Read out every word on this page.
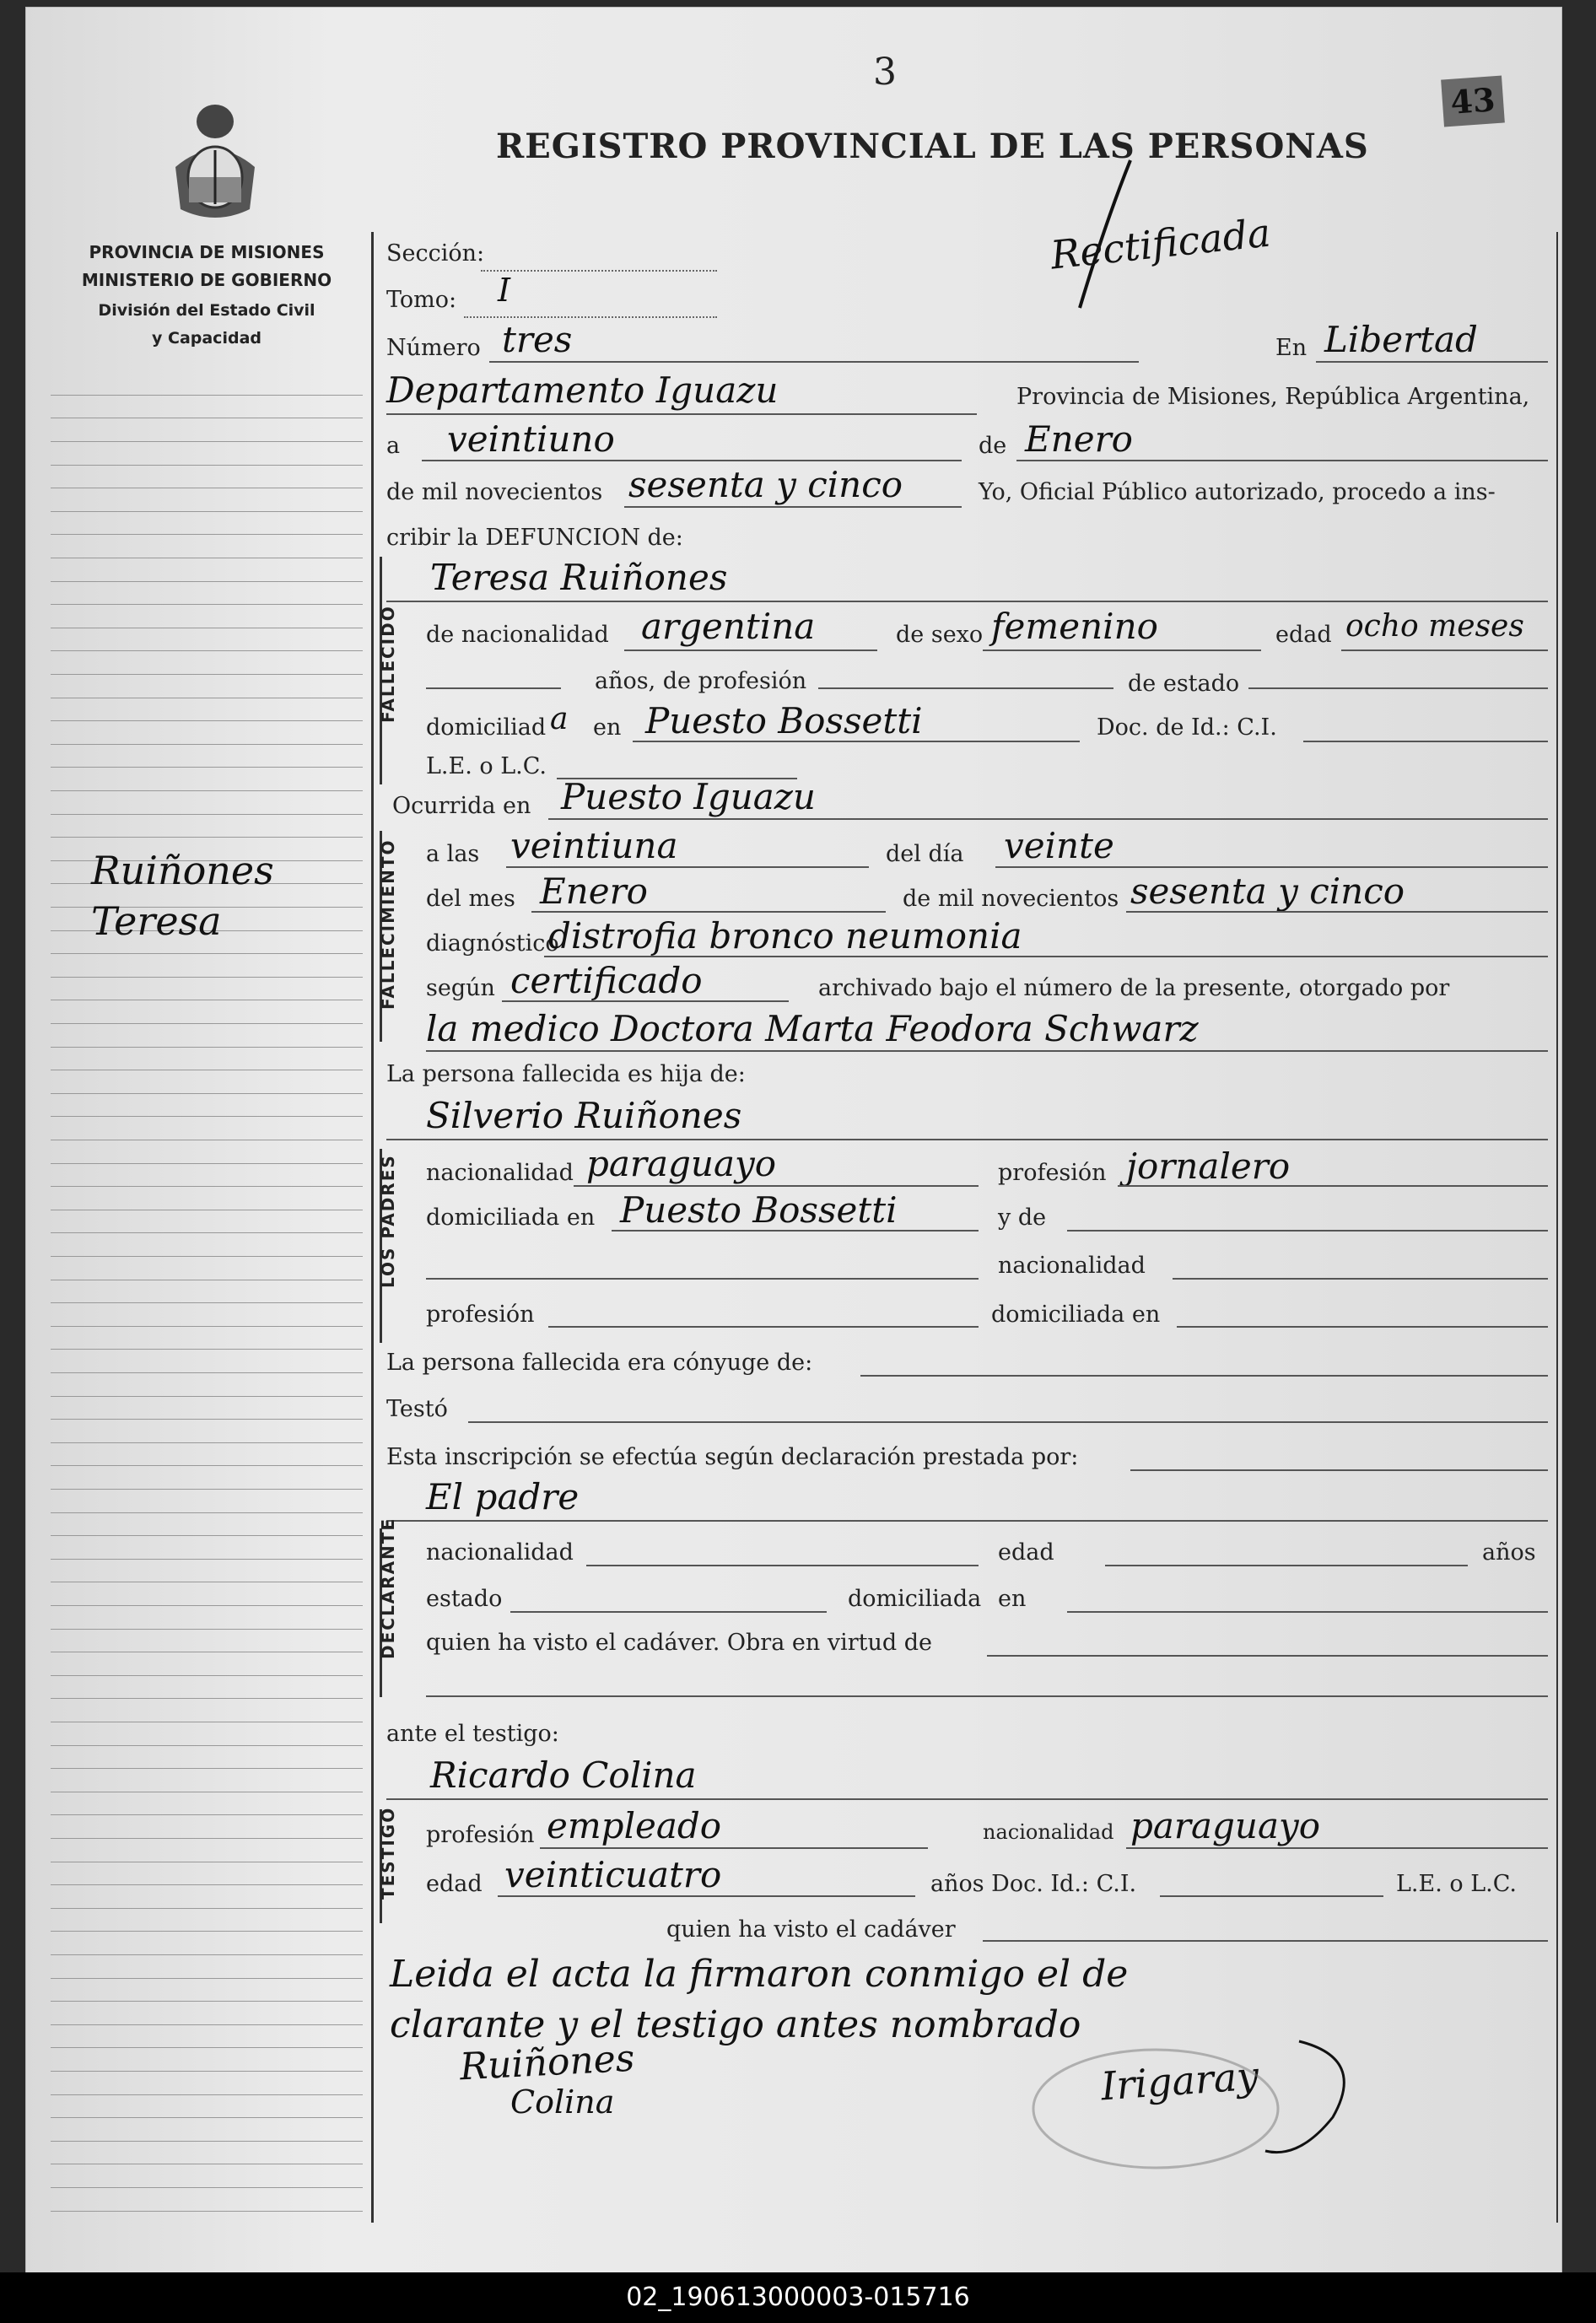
3
43
REGISTRO PROVINCIAL DE LAS PERSONAS
Rectificada
PROVINCIA DE MISIONES
MINISTERIO DE GOBIERNO
División del Estado Civil
y Capacidad
Ruiñones
Teresa
Sección:
Tomo: I
Número tres	En Libertad
Departamento Iguazu	Provincia de Misiones, República Argentina,
a veintiuno	de Enero
de mil novecientos sesenta y cinco	Yo, Oficial Público autorizado, procedo a ins-
cribir la DEFUNCION de:
Teresa Ruiñones
FALLECIDO de nacionalidad argentina	de sexo femenino	edad ocho meses
años, de profesión	de estado
domiciliad a en Puesto Bossetti	Doc. de Id.: C.I.
L.E. o L.C.
Ocurrida en Puesto Iguazu
FALLECIMIENTO a las veintiuna	del día veinte
del mes Enero	de mil novecientos sesenta y cinco
diagnóstico
distrofia bronco neumonia
según certificado	archivado bajo el número de la presente, otorgado por
la medico Doctora Marta Feodora Schwarz
La persona fallecida es hija de:
Silverio Ruiñones
LOS PADRES nacionalidad paraguayo	profesión jornalero
domiciliada en Puesto Bossetti	y de
nacionalidad
profesión	domiciliada en
La persona fallecida era cónyuge de:
Testó
Esta inscripción se efectúa según declaración prestada por:
El padre
DECLARANTE nacionalidad	edad	años
estado	domiciliada en
quien ha visto el cadáver. Obra en virtud de
ante el testigo:
Ricardo Colina
TESTIGO profesión empleado	nacionalidad paraguayo
edad veinticuatro	años Doc. Id.: C.I.	L.E. o L.C.
quien ha visto el cadáver
Leida el acta la firmaron conmigo el de
clarante y el testigo antes nombrado
Ruiñones
Colina	Irigaray
02_190613000003-015716
